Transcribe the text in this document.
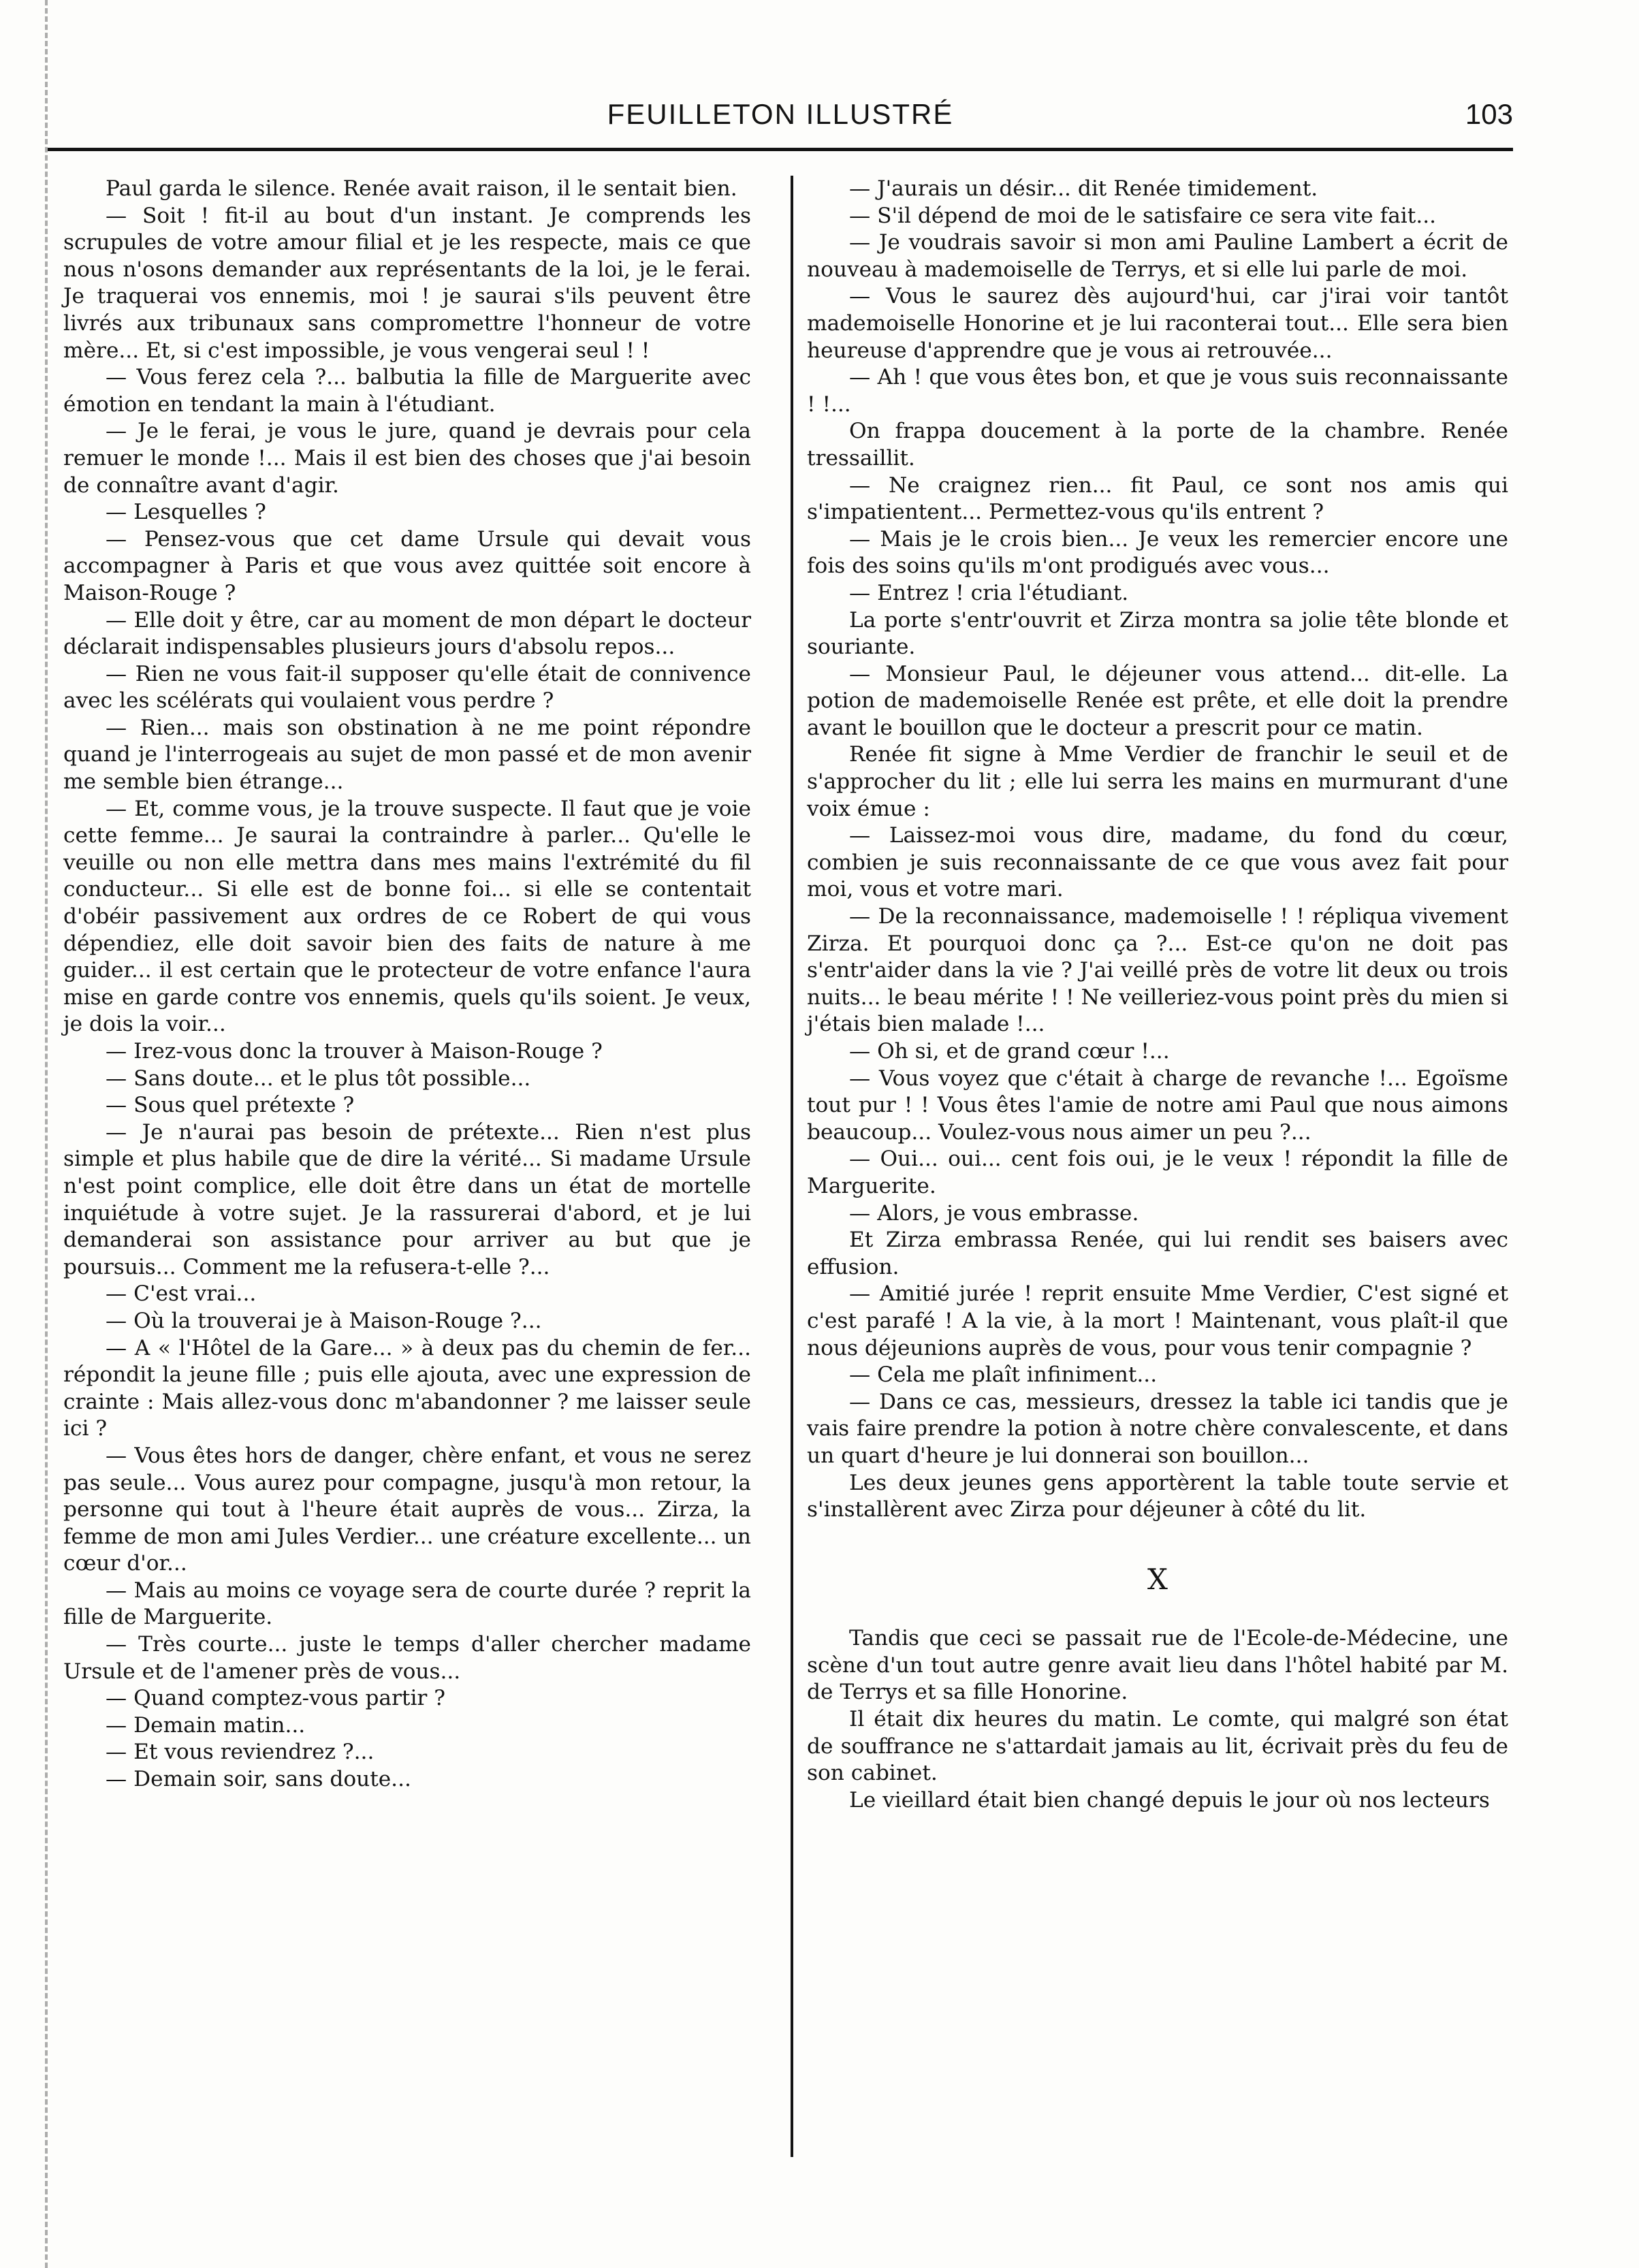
FEUILLETON ILLUSTRÉ	103

Paul garda le silence. Renée avait raison, il le sentait bien.

— Soit ! fit-il au bout d'un instant. Je comprends les scrupules de votre amour filial et je les respecte, mais ce que nous n'osons demander aux représentants de la loi, je le ferai. Je traquerai vos ennemis, moi ! je saurai s'ils peuvent être livrés aux tribunaux sans compromettre l'honneur de votre mère... Et, si c'est impossible, je vous vengerai seul ! !

— Vous ferez cela ?... balbutia la fille de Marguerite avec émotion en tendant la main à l'étudiant.

— Je le ferai, je vous le jure, quand je devrais pour cela remuer le monde !... Mais il est bien des choses que j'ai besoin de connaître avant d'agir.

— Lesquelles ?

— Pensez-vous que cet dame Ursule qui devait vous accompagner à Paris et que vous avez quittée soit encore à Maison-Rouge ?

— Elle doit y être, car au moment de mon départ le docteur déclarait indispensables plusieurs jours d'absolu repos...

— Rien ne vous fait-il supposer qu'elle était de connivence avec les scélérats qui voulaient vous perdre ?

— Rien... mais son obstination à ne me point répondre quand je l'interrogeais au sujet de mon passé et de mon avenir me semble bien étrange...

— Et, comme vous, je la trouve suspecte. Il faut que je voie cette femme... Je saurai la contraindre à parler... Qu'elle le veuille ou non elle mettra dans mes mains l'extrémité du fil conducteur... Si elle est de bonne foi... si elle se contentait d'obéir passivement aux ordres de ce Robert de qui vous dépendiez, elle doit savoir bien des faits de nature à me guider... il est certain que le protecteur de votre enfance l'aura mise en garde contre vos ennemis, quels qu'ils soient. Je veux, je dois la voir...

— Irez-vous donc la trouver à Maison-Rouge ?

— Sans doute... et le plus tôt possible...

— Sous quel prétexte ?

— Je n'aurai pas besoin de prétexte... Rien n'est plus simple et plus habile que de dire la vérité... Si madame Ursule n'est point complice, elle doit être dans un état de mortelle inquiétude à votre sujet. Je la rassurerai d'abord, et je lui demanderai son assistance pour arriver au but que je poursuis... Comment me la refusera-t-elle ?...

— C'est vrai...

— Où la trouverai je à Maison-Rouge ?...

— A « l'Hôtel de la Gare... » à deux pas du chemin de fer... répondit la jeune fille ; puis elle ajouta, avec une expression de crainte : Mais allez-vous donc m'abandonner ? me laisser seule ici ?

— Vous êtes hors de danger, chère enfant, et vous ne serez pas seule... Vous aurez pour compagne, jusqu'à mon retour, la personne qui tout à l'heure était auprès de vous... Zirza, la femme de mon ami Jules Verdier... une créature excellente... un cœur d'or...

— Mais au moins ce voyage sera de courte durée ? reprit la fille de Marguerite.

— Très courte... juste le temps d'aller chercher madame Ursule et de l'amener près de vous...

— Quand comptez-vous partir ?

— Demain matin...

— Et vous reviendrez ?...

— Demain soir, sans doute...

— J'aurais un désir... dit Renée timidement.

— S'il dépend de moi de le satisfaire ce sera vite fait...

— Je voudrais savoir si mon ami Pauline Lambert a écrit de nouveau à mademoiselle de Terrys, et si elle lui parle de moi.

— Vous le saurez dès aujourd'hui, car j'irai voir tantôt mademoiselle Honorine et je lui raconterai tout... Elle sera bien heureuse d'apprendre que je vous ai retrouvée...

— Ah ! que vous êtes bon, et que je vous suis reconnaissante ! !...

On frappa doucement à la porte de la chambre. Renée tressaillit.

— Ne craignez rien... fit Paul, ce sont nos amis qui s'impatientent... Permettez-vous qu'ils entrent ?

— Mais je le crois bien... Je veux les remercier encore une fois des soins qu'ils m'ont prodigués avec vous...

— Entrez ! cria l'étudiant.

La porte s'entr'ouvrit et Zirza montra sa jolie tête blonde et souriante.

— Monsieur Paul, le déjeuner vous attend... dit-elle. La potion de mademoiselle Renée est prête, et elle doit la prendre avant le bouillon que le docteur a prescrit pour ce matin.

Renée fit signe à Mme Verdier de franchir le seuil et de s'approcher du lit ; elle lui serra les mains en murmurant d'une voix émue :

— Laissez-moi vous dire, madame, du fond du cœur, combien je suis reconnaissante de ce que vous avez fait pour moi, vous et votre mari.

— De la reconnaissance, mademoiselle ! ! répliqua vivement Zirza. Et pourquoi donc ça ?... Est-ce qu'on ne doit pas s'entr'aider dans la vie ? J'ai veillé près de votre lit deux ou trois nuits... le beau mérite ! ! Ne veilleriez-vous point près du mien si j'étais bien malade !...

— Oh si, et de grand cœur !...

— Vous voyez que c'était à charge de revanche !... Egoïsme tout pur ! ! Vous êtes l'amie de notre ami Paul que nous aimons beaucoup... Voulez-vous nous aimer un peu ?...

— Oui... oui... cent fois oui, je le veux ! répondit la fille de Marguerite.

— Alors, je vous embrasse.

Et Zirza embrassa Renée, qui lui rendit ses baisers avec effusion.

— Amitié jurée ! reprit ensuite Mme Verdier, C'est signé et c'est parafé ! A la vie, à la mort ! Maintenant, vous plaît-il que nous déjeunions auprès de vous, pour vous tenir compagnie ?

— Cela me plaît infiniment...

— Dans ce cas, messieurs, dressez la table ici tandis que je vais faire prendre la potion à notre chère convalescente, et dans un quart d'heure je lui donnerai son bouillon...

Les deux jeunes gens apportèrent la table toute servie et s'installèrent avec Zirza pour déjeuner à côté du lit.

X

Tandis que ceci se passait rue de l'Ecole-de-Médecine, une scène d'un tout autre genre avait lieu dans l'hôtel habité par M. de Terrys et sa fille Honorine.

Il était dix heures du matin. Le comte, qui malgré son état de souffrance ne s'attardait jamais au lit, écrivait près du feu de son cabinet.

Le vieillard était bien changé depuis le jour où nos lecteurs
